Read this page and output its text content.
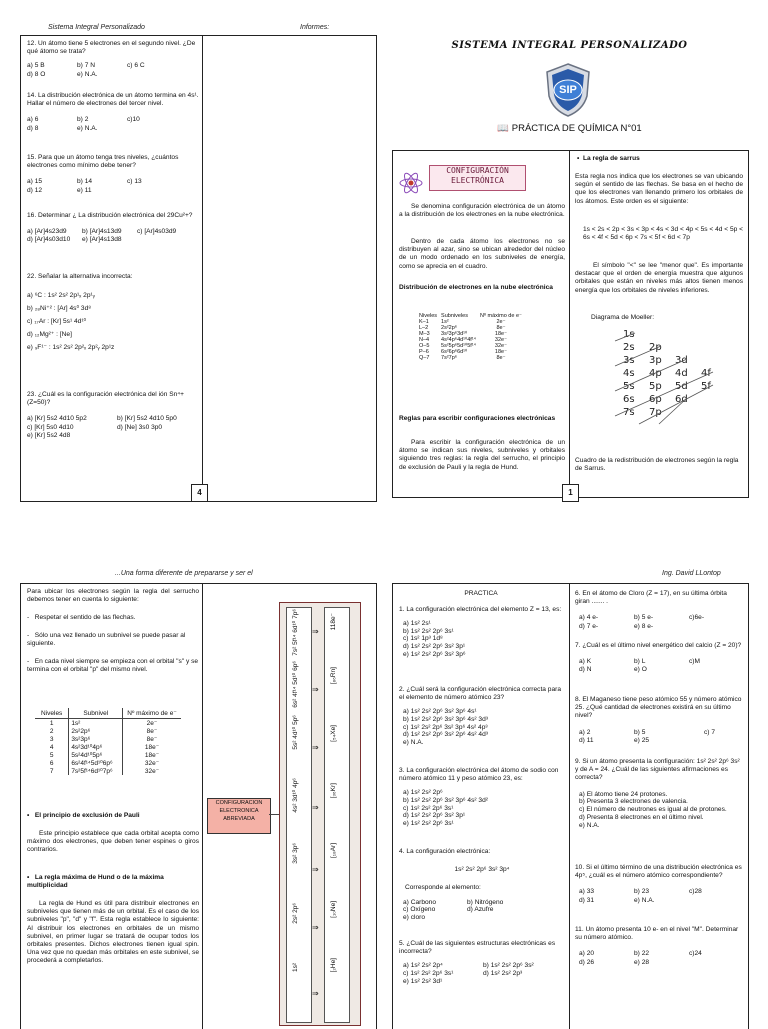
Sistema Integral Personalizado	Informes:
12. Un átomo tiene 5 electrones en el segundo nivel. ¿De qué átomo se trata?
a) 5 B	b) 7 N	c) 6 C
d) 8 O	e) N.A.
14. La distribución electrónica de un átomo termina en 4s¹. Hallar el número de electrones del tercer nivel.
a) 6	b) 2	c)10
d) 8	e) N.A.
15. Para que un átomo tenga tres niveles, ¿cuántos electrones como mínimo debe tener?
a) 15	b) 14	c) 13
d) 12	e) 11
16. Determinar ¿ La distribución electrónica del 29Cu²+?
a) [Ar]4s23d9	b) [Ar]4s13d9	c) [Ar]4s03d9
d) [Ar]4s03d10	e) [Ar]4s13d8
22. Señalar la alternativa incorrecta:
a) ⁶C : 1s² 2s² 2p¹ₓ 2p¹ᵧ
b) ₂₈Ni⁺² : [Ar] 4s⁰ 3d⁸
c) ₁₇Ar : [Kr] 5s¹ 4d¹⁰
d) ₁₂Mg²⁺ : [Ne]
e) ₉F¹⁻ : 1s² 2s² 2p²ₓ 2p²ᵧ 2p¹z
23. ¿Cuál es la configuración electrónica del ión Sn⁴+ (Z=50)?
a) [Kr] 5s2 4d10 5p2	b) [Kr] 5s2 4d10 5p0
c) [Kr] 5s0 4d10	d) [Ne] 3s0 3p0
e) [Kr] 5s2 4d8
4
SISTEMA INTEGRAL PERSONALIZADO
SIP
📖 PRÁCTICA DE QUÍMICA N°01
CONFIGURACIÓN ELECTRÓNICA
Se denomina configuración electrónica de un átomo a la distribución de los electrones en la nube electrónica.
Dentro de cada átomo los electrones no se distribuyen al azar, sino se ubican alrededor del núcleo de un modo ordenado en los subniveles de energía, como se aprecia en el cuadro.
Distribución de electrones en la nube electrónica
Niveles	Subniveles	Nº máximo de e⁻
K–1	1s²	2e⁻
L–2	2s²2p⁶	8e⁻
M–3	3s²3p⁶3d¹⁰	18e⁻
N–4	4s²4p⁶4d¹⁰4f¹⁴	32e⁻
O–5	5s²5p⁶5d¹⁰5f¹⁴	32e⁻
P–6	6s²6p⁶6d¹⁰	18e⁻
Q–7	7s²7p⁶	8e⁻
Reglas para escribir configuraciones electrónicas
Para escribir la configuración electrónica de un átomo se indican sus niveles, subniveles y orbitales siguiendo tres reglas: la regla del serrucho, el principio de exclusión de Pauli y la regla de Hund.
•  La regla de sarrus
Esta regla nos indica que los electrones se van ubicando según el sentido de las flechas. Se basa en el hecho de que los electrones van llenando primero los orbitales de los átomos. Este orden es el siguiente:
1s < 2s < 2p < 3s < 3p < 4s < 3d < 4p < 5s < 4d < 5p < 6s < 4f < 5d < 6p < 7s < 5f < 6d < 7p
El símbolo "<" se lee "menor que". Es importante destacar que el orden de energía muestra que algunos orbitales que están en niveles más altos tienen menos energía que los orbitales de niveles inferiores.
Diagrama de Moeller:
1s
2s 2p
3s 3p 3d
4s 4p 4d 4f
5s 5p 5d 5f
6s 6p 6d
7s 7p
Cuadro de la redistribución de electrones según la regla de Sarrus.
1
...Una forma diferente de prepararse y ser el	Ing. David LLontop
Para ubicar los electrones según la regla del serrucho debemos tener en cuenta lo siguiente:
-   Respetar el sentido de las flechas.
-   Sólo una vez llenado un subnivel se puede pasar al siguiente.
-   En cada nivel siempre se empieza con el orbital "s" y se termina con el orbital "p" del mismo nivel.
Niveles	Subnivel	Nº máximo de e⁻
1	1s²	2e⁻
2	2s²2p⁶	8e⁻
3	3s²3p⁶	8e⁻
4	4s²3d¹⁰4p⁶	18e⁻
5	5s²4d¹⁰5p⁶	18e⁻
6	6s²4f¹⁴5d¹⁰6p⁶	32e⁻
7	7s²5f¹⁴6d¹⁰7p⁶	32e⁻
•   El principio de exclusión de Pauli
Este principio establece que cada orbital acepta como máximo dos electrones, que deben tener espines o giros contrarios.
•   La regla máxima de Hund o de la máxima multiplicidad
La regla de Hund es útil para distribuir electrones en subniveles que tienen más de un orbital. Es el caso de los subniveles "p", "d" y "f". Esta regla establece lo siguiente: Al distribuir los electrones en orbitales de un mismo subnivel, en primer lugar se tratará de ocupar todos los orbitales presentes. Dichos electrones tienen igual spin. Una vez que no quedan más orbitales en este subnivel, se procederá a completarlos.
CONFIGURACION ELECTRONICA ABREVIADA
1s²	[₂He]
2s² 2p⁶	[₁₀Ne]
3s² 3p⁶	[₁₈Ar]
4s² 3d¹⁰ 4p⁶	[₃₆Kr]
5s² 4d¹⁰ 5p⁶	[₅₄Xe]
6s² 4f¹⁴ 5d¹⁰ 6p⁶	[₈₆Rn]
7s² 5f¹⁴ 6d¹⁰ 7p⁶	118e⁻
⇒
⇒
⇒
⇒
⇒
⇒
⇒
PRACTICA
1. La configuración electrónica del elemento Z = 13, es:
a) 1s² 2s¹
b) 1s² 2s² 2p⁶ 3s¹
c) 1s² 1p³ 1d⁸
d) 1s² 2s² 2p⁶ 3s² 3p¹
e) 1s² 2s² 2p⁶ 3s² 3p⁶
2. ¿Cuál será la configuración electrónica correcta para el elemento de número atómico 23?
a) 1s² 2s² 2p⁶ 3s² 3p⁶ 4s¹
b) 1s² 2s² 2p⁶ 3s² 3p⁶ 4s² 3d³
c) 1s² 2s² 2p⁶ 3s² 3p⁶ 4s² 4p³
d) 1s² 2s² 2p⁶ 3s² 2p⁶ 4s² 4d³
e) N.A.
3. La configuración electrónica del átomo de sodio con número atómico 11 y peso atómico 23, es:
a) 1s² 2s² 2p⁶
b) 1s² 2s² 2p⁶ 3s² 3p⁶ 4s² 3d²
c) 1s² 2s² 2p⁶ 3s¹
d) 1s² 2s² 2p⁶ 3s² 3p¹
e) 1s² 2s² 2p⁶ 3s¹
4. La configuración electrónica:
1s² 2s² 2p⁶ 3s² 3p⁴
Corresponde al elemento:
a) Carbono	b) Nitrógeno
c) Oxígeno	d) Azufre
e) cloro
5. ¿Cuál de las siguientes estructuras electrónicas es incorrecta?
a) 1s² 2s² 2p⁴	b) 1s² 2s² 2p⁶ 3s²
c) 1s² 2s² 2p⁶ 3s¹	d) 1s² 2s² 2p³
e) 1s² 2s² 3d¹
6. En el átomo de Cloro (Z = 17), en su última órbita giran ....... .
a) 4 e-	b) 5 e-	c)6e-
d) 7 e-	e) 8 e-
7. ¿Cuál es el último nivel energético del calcio (Z = 20)?
a) K	b) L	c)M
d) N	e) O
8. El Maganeso tiene peso atómico 55 y número atómico 25. ¿Qué cantidad de electrones existirá en su último nivel?
a) 2	b) 5	c) 7
d) 11	e) 25
9. Si un átomo presenta la configuración: 1s² 2s² 2p⁶ 3s² y de A = 24. ¿Cuál de las siguientes afirmaciones es correcta?
a) El átomo tiene 24 protones.
b) Presenta 3 electrones de valencia.
c) El número de neutrones es igual al de protones.
d) Presenta 8 electrones en el último nivel.
e) N.A.
10. Si el último término de una distribución electrónica es 4p⁵, ¿cuál es el número atómico correspondiente?
a) 33	b) 23	c)28
d) 31	e) N.A.
11. Un átomo presenta 10 e- en el nivel "M". Determinar su número atómico.
a) 20	b) 22	c)24
d) 26	e) 28
